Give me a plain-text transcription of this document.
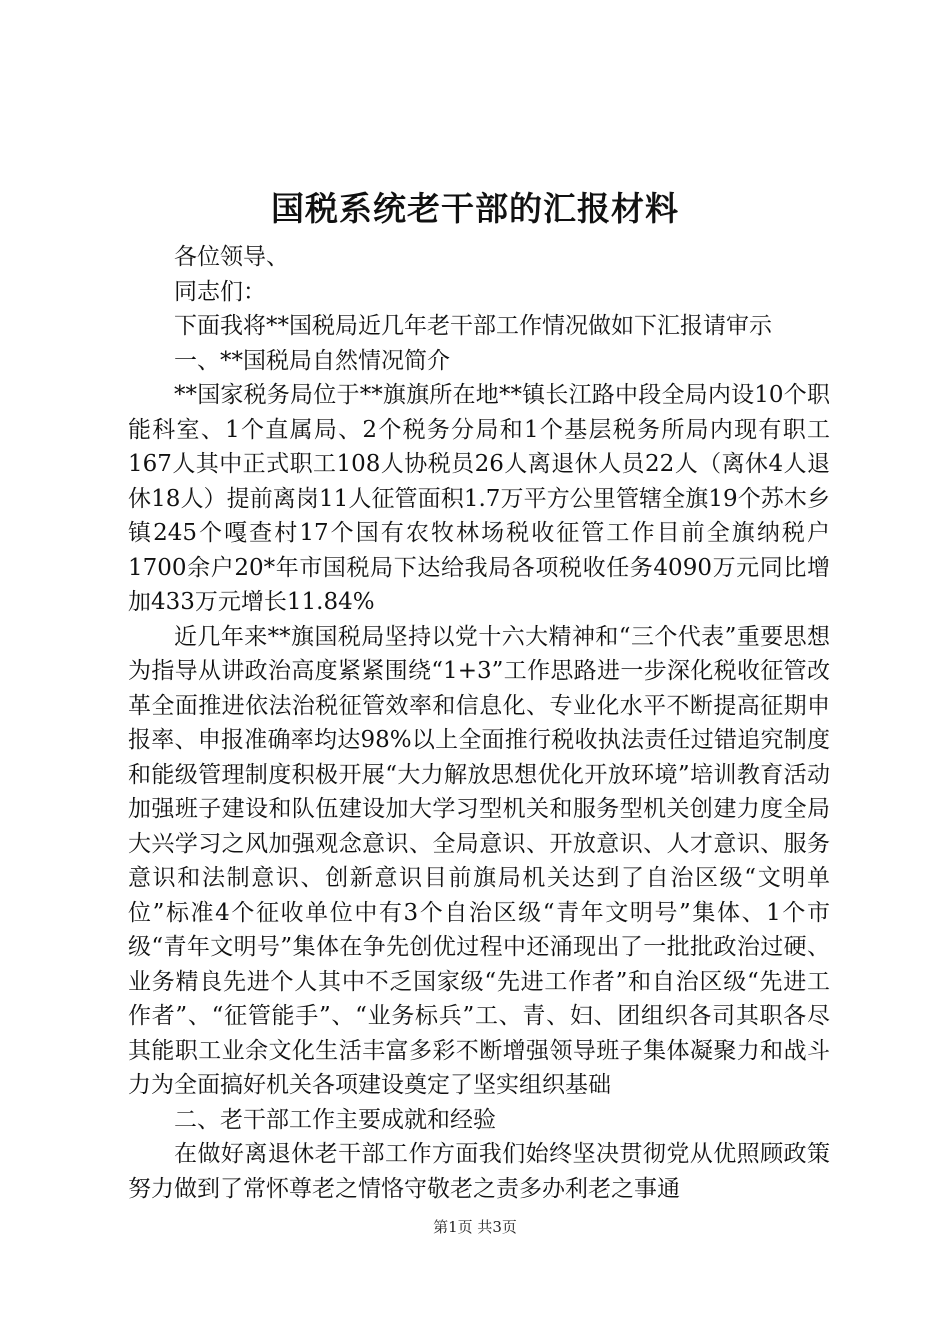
国税系统老干部的汇报材料

各位领导、

同志们：

下面我将**国税局近几年老干部工作情况做如下汇报请审示

一、**国税局自然情况简介

**国家税务局位于**旗旗所在地**镇长江路中段全局内设10个职能科室、1个直属局、2个税务分局和1个基层税务所局内现有职工167人其中正式职工108人协税员26人离退休人员22人（离休4人退休18人）提前离岗11人征管面积1.7万平方公里管辖全旗19个苏木乡镇245个嘎查村17个国有农牧林场税收征管工作目前全旗纳税户1700余户20*年市国税局下达给我局各项税收任务4090万元同比增加433万元增长11.84%

近几年来**旗国税局坚持以党十六大精神和“三个代表”重要思想为指导从讲政治高度紧紧围绕“1+3”工作思路进一步深化税收征管改革全面推进依法治税征管效率和信息化、专业化水平不断提高征期申报率、申报准确率均达98%以上全面推行税收执法责任过错追究制度和能级管理制度积极开展“大力解放思想优化开放环境”培训教育活动加强班子建设和队伍建设加大学习型机关和服务型机关创建力度全局大兴学习之风加强观念意识、全局意识、开放意识、人才意识、服务意识和法制意识、创新意识目前旗局机关达到了自治区级“文明单位”标准4个征收单位中有3个自治区级“青年文明号”集体、1个市级“青年文明号”集体在争先创优过程中还涌现出了一批批政治过硬、业务精良先进个人其中不乏国家级“先进工作者”和自治区级“先进工作者”、“征管能手”、“业务标兵”工、青、妇、团组织各司其职各尽其能职工业余文化生活丰富多彩不断增强领导班子集体凝聚力和战斗力为全面搞好机关各项建设奠定了坚实组织基础

二、老干部工作主要成就和经验

在做好离退休老干部工作方面我们始终坚决贯彻党从优照顾政策努力做到了常怀尊老之情恪守敬老之责多办利老之事通

第1页 共3页
